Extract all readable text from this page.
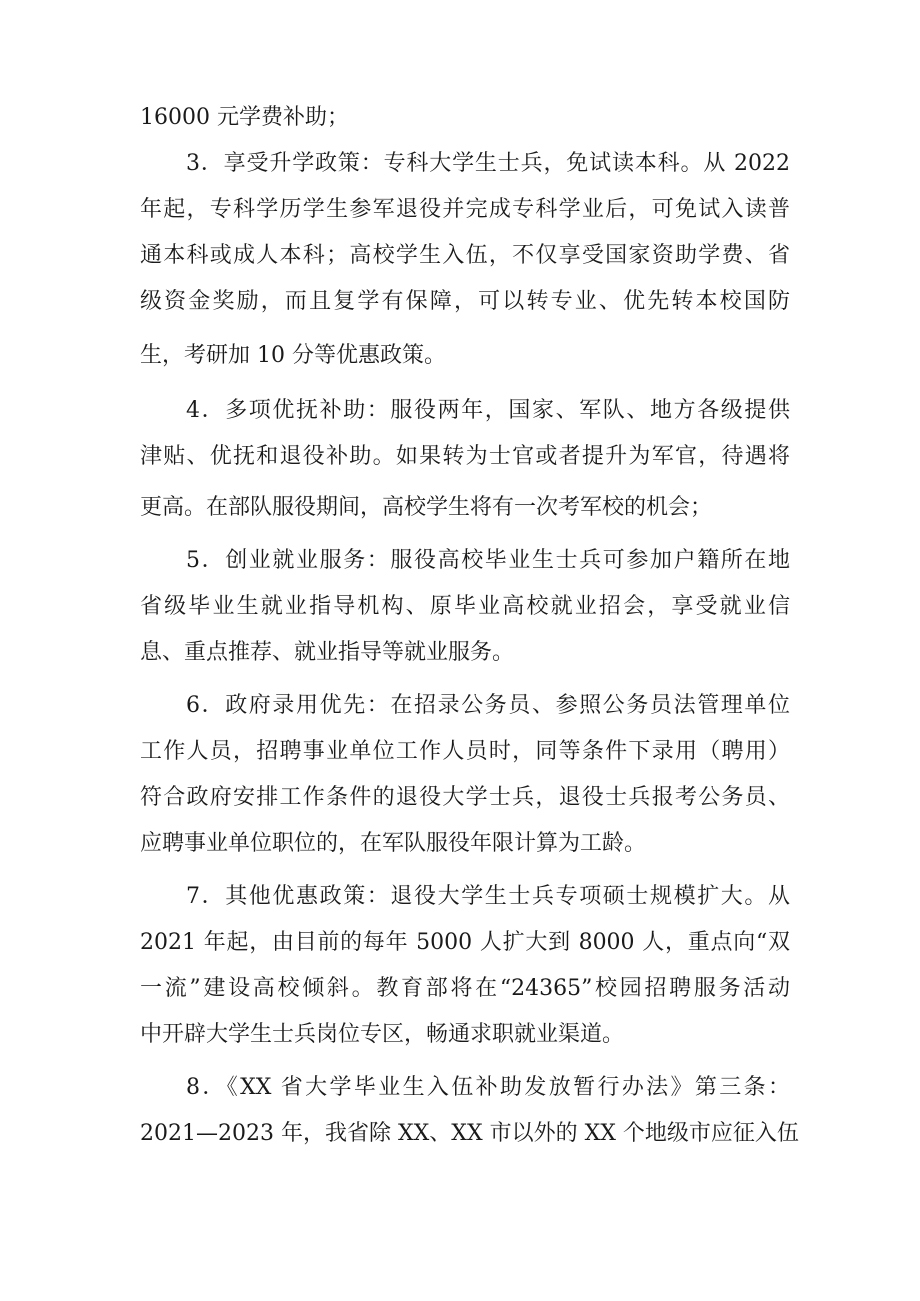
16000 元学费补助；
3．享受升学政策：专科大学生士兵，免试读本科。从 2022
年起，专科学历学生参军退役并完成专科学业后，可免试入读普
通本科或成人本科；高校学生入伍，不仅享受国家资助学费、省
级资金奖励，而且复学有保障，可以转专业、优先转本校国防
生，考研加 10 分等优惠政策。
4．多项优抚补助：服役两年，国家、军队、地方各级提供
津贴、优抚和退役补助。如果转为士官或者提升为军官，待遇将
更高。在部队服役期间，高校学生将有一次考军校的机会；
5．创业就业服务：服役高校毕业生士兵可参加户籍所在地
省级毕业生就业指导机构、原毕业高校就业招会，享受就业信
息、重点推荐、就业指导等就业服务。
6．政府录用优先：在招录公务员、参照公务员法管理单位
工作人员，招聘事业单位工作人员时，同等条件下录用（聘用）
符合政府安排工作条件的退役大学士兵，退役士兵报考公务员、
应聘事业单位职位的，在军队服役年限计算为工龄。
7．其他优惠政策：退役大学生士兵专项硕士规模扩大。从
2021 年起，由目前的每年 5000 人扩大到 8000 人，重点向“双
一流”建设高校倾斜。教育部将在“24365”校园招聘服务活动
中开辟大学生士兵岗位专区，畅通求职就业渠道。
8．《XX 省大学毕业生入伍补助发放暂行办法》第三条：
2021—2023 年，我省除 XX、XX 市以外的 XX 个地级市应征入伍
